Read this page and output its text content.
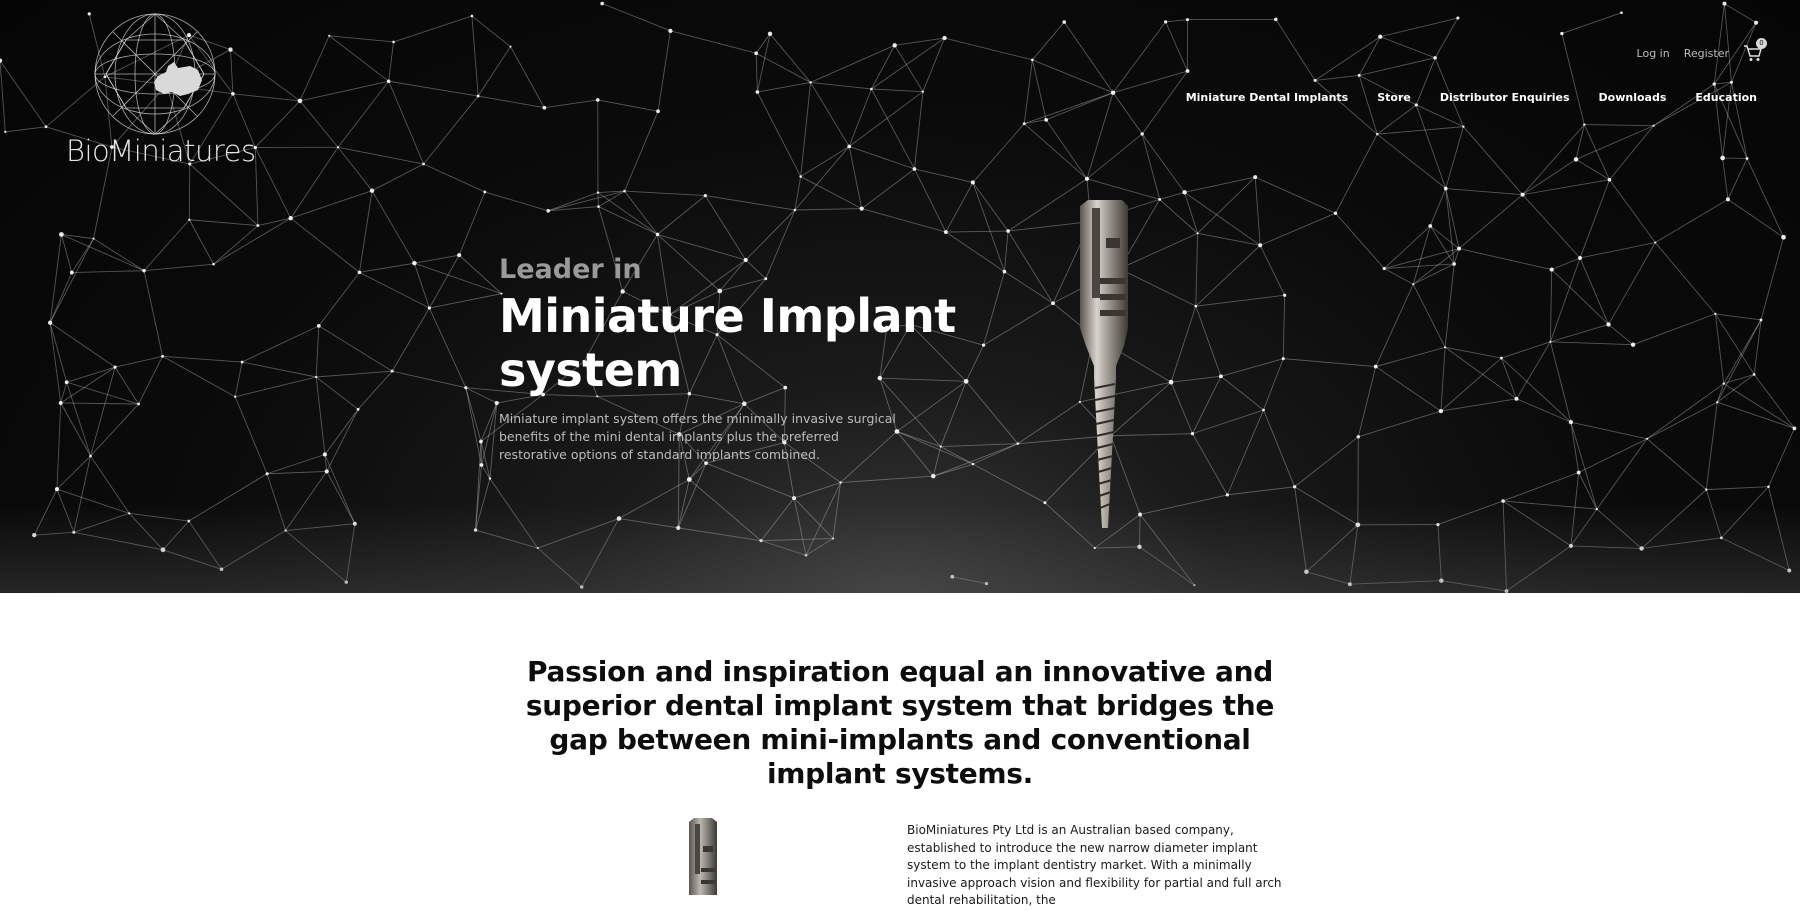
BioMiniatures
Log in Register
0
Miniature Dental Implants	Store	Distributor Enquiries	Downloads	Education
Leader in
Miniature Implant system

Miniature implant system offers the minimally invasive surgical benefits of the mini dental implants plus the preferred restorative options of standard implants combined.

Passion and inspiration equal an innovative and superior dental implant system that bridges the gap between mini-implants and conventional implant systems.

BioMiniatures Pty Ltd is an Australian based company, established to introduce the new narrow diameter implant system to the implant dentistry market. With a minimally invasive approach vision and flexibility for partial and full arch dental rehabilitation, the
